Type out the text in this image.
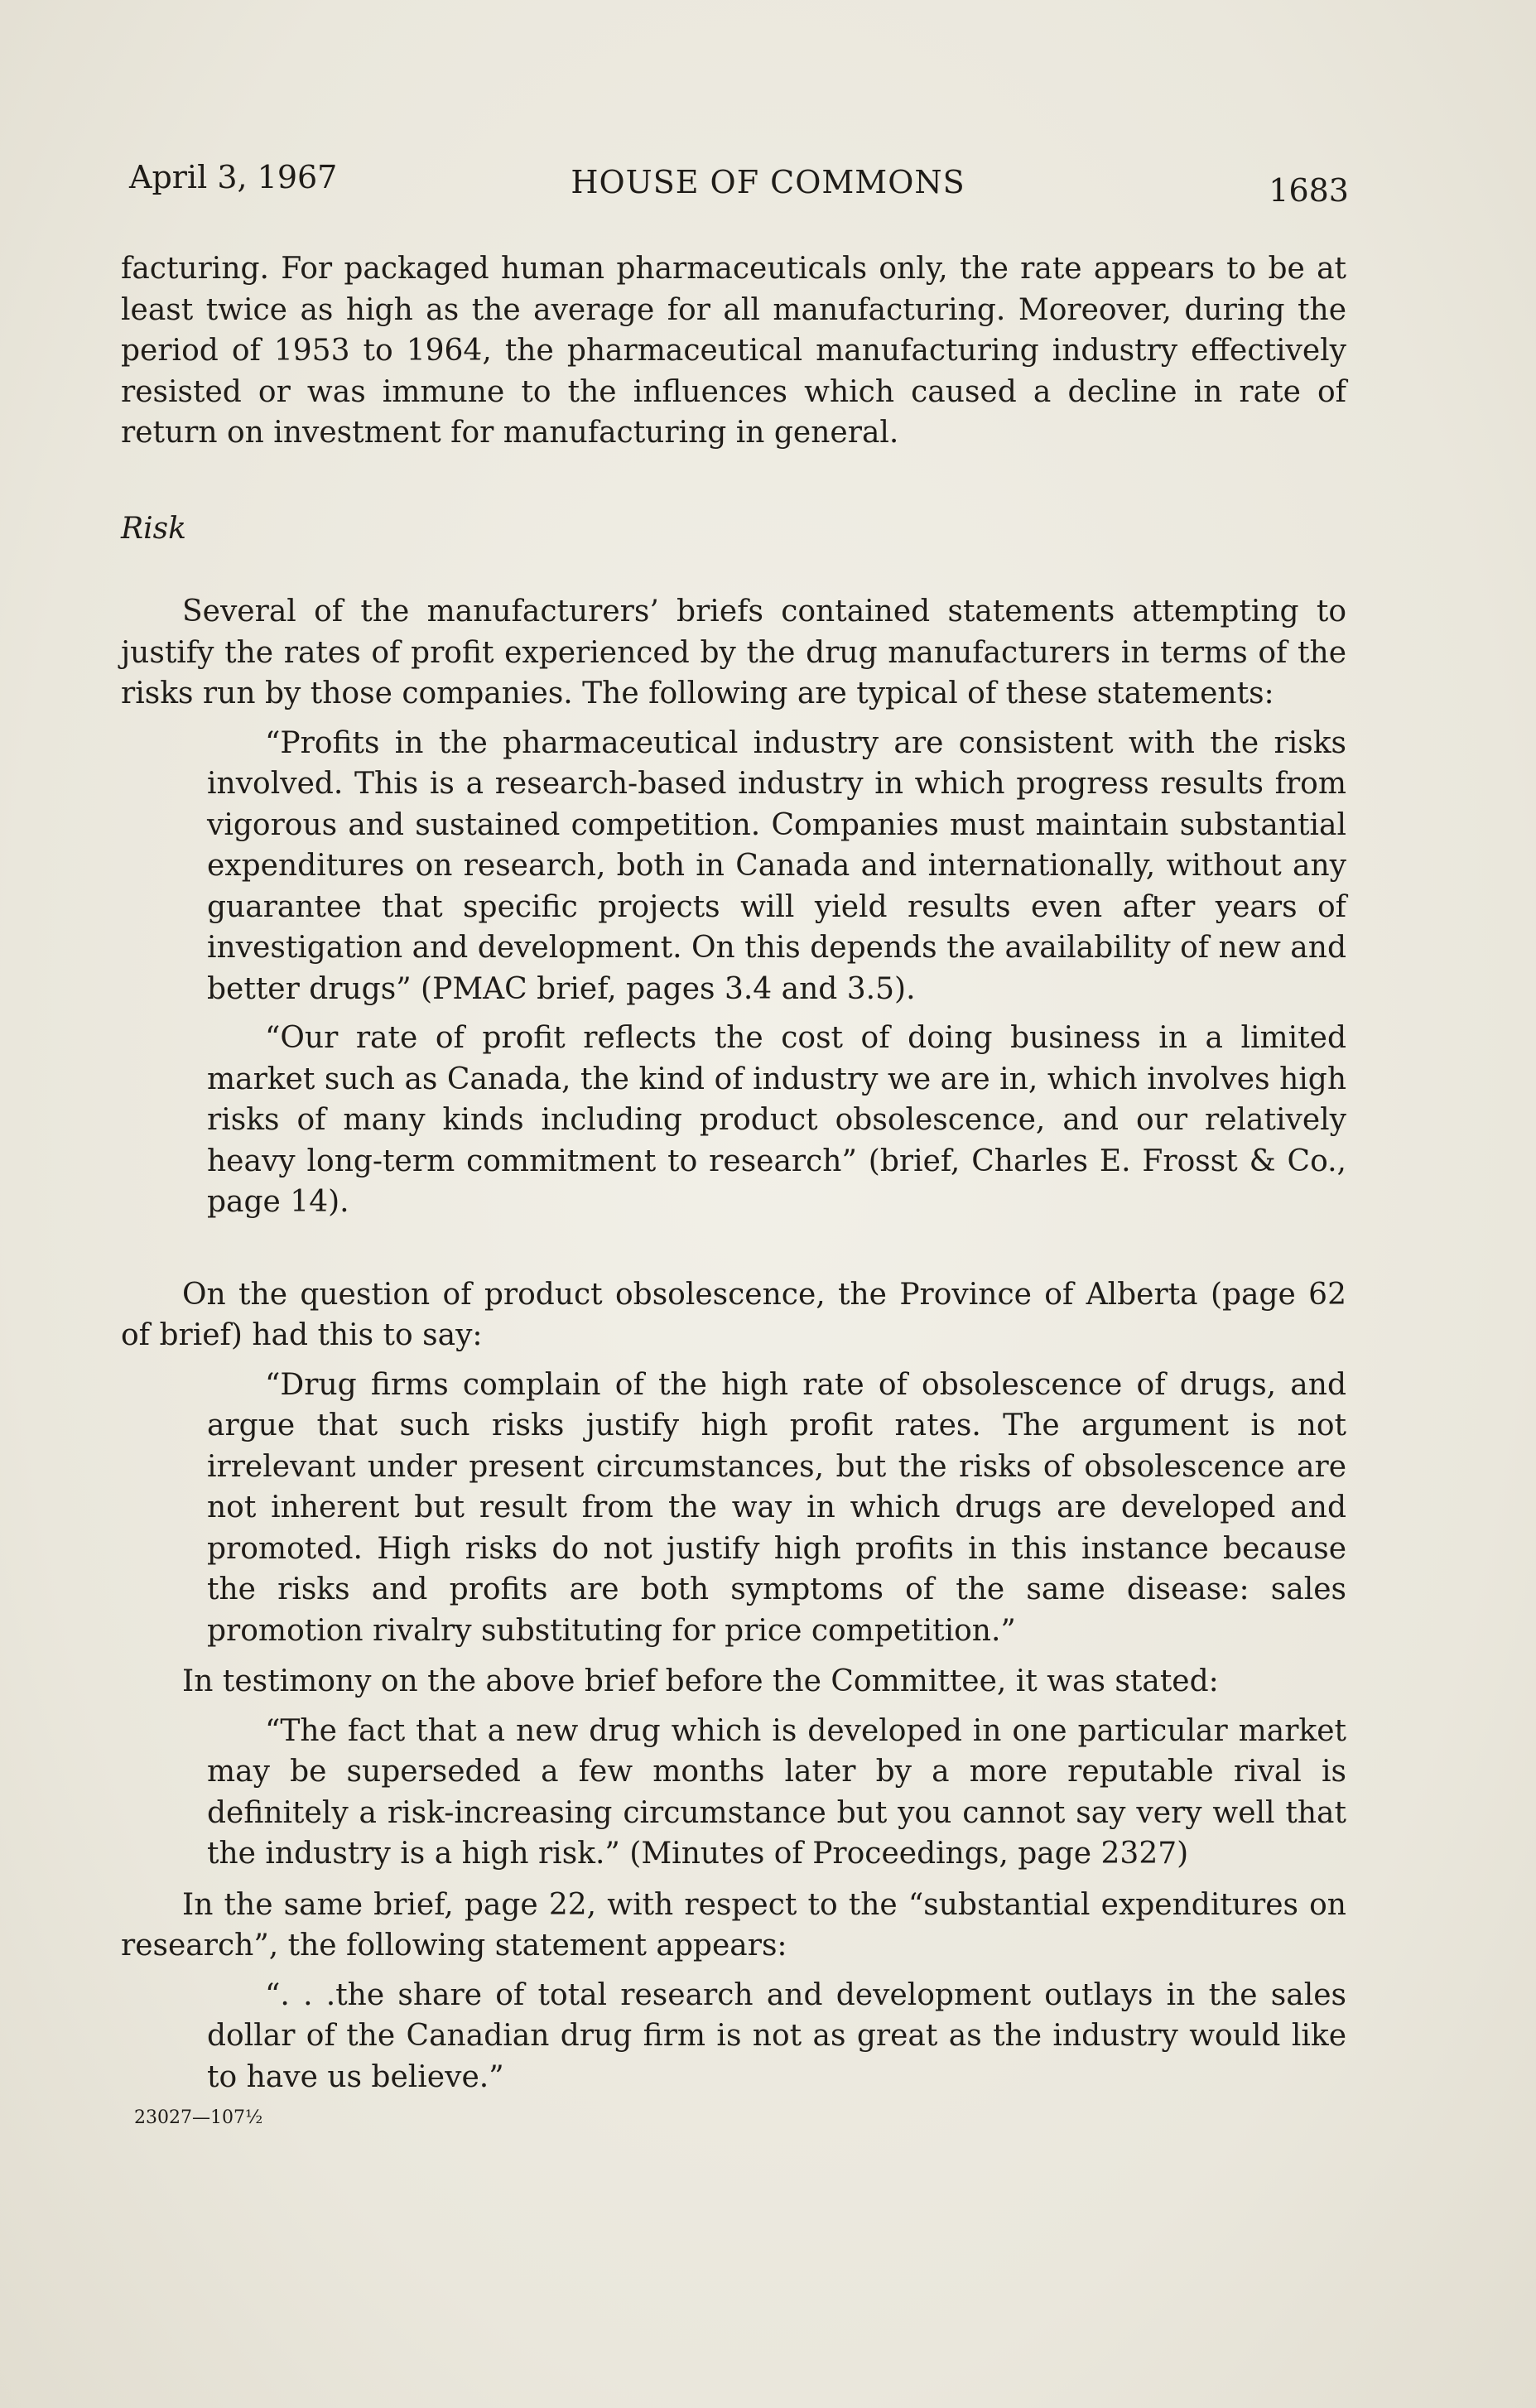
April 3, 1967	HOUSE OF COMMONS	1683

facturing. For packaged human pharmaceuticals only, the rate appears to be at least twice as high as the average for all manufacturing. Moreover, during the period of 1953 to 1964, the pharmaceutical manufacturing industry effectively resisted or was immune to the influences which caused a decline in rate of return on investment for manufacturing in general.

Risk

Several of the manufacturers’ briefs contained statements attempting to justify the rates of profit experienced by the drug manufacturers in terms of the risks run by those companies. The following are typical of these statements:

“Profits in the pharmaceutical industry are consistent with the risks involved. This is a research-based industry in which progress results from vigorous and sustained competition. Companies must maintain substantial expenditures on research, both in Canada and internationally, without any guarantee that specific projects will yield results even after years of investigation and development. On this depends the availability of new and better drugs” (PMAC brief, pages 3.4 and 3.5).

“Our rate of profit reflects the cost of doing business in a limited market such as Canada, the kind of industry we are in, which involves high risks of many kinds including product obsolescence, and our relatively heavy long-term commitment to research” (brief, Charles E. Frosst & Co., page 14).

On the question of product obsolescence, the Province of Alberta (page 62 of brief) had this to say:

“Drug firms complain of the high rate of obsolescence of drugs, and argue that such risks justify high profit rates. The argument is not irrelevant under present circumstances, but the risks of obsolescence are not inherent but result from the way in which drugs are developed and promoted. High risks do not justify high profits in this instance because the risks and profits are both symptoms of the same disease: sales promotion rivalry substituting for price competition.”

In testimony on the above brief before the Committee, it was stated:

“The fact that a new drug which is developed in one particular market may be superseded a few months later by a more reputable rival is definitely a risk-increasing circumstance but you cannot say very well that the industry is a high risk.” (Minutes of Proceedings, page 2327)

In the same brief, page 22, with respect to the “substantial expenditures on research”, the following statement appears:

“. . .the share of total research and development outlays in the sales dollar of the Canadian drug firm is not as great as the industry would like to have us believe.”

23027—107½
